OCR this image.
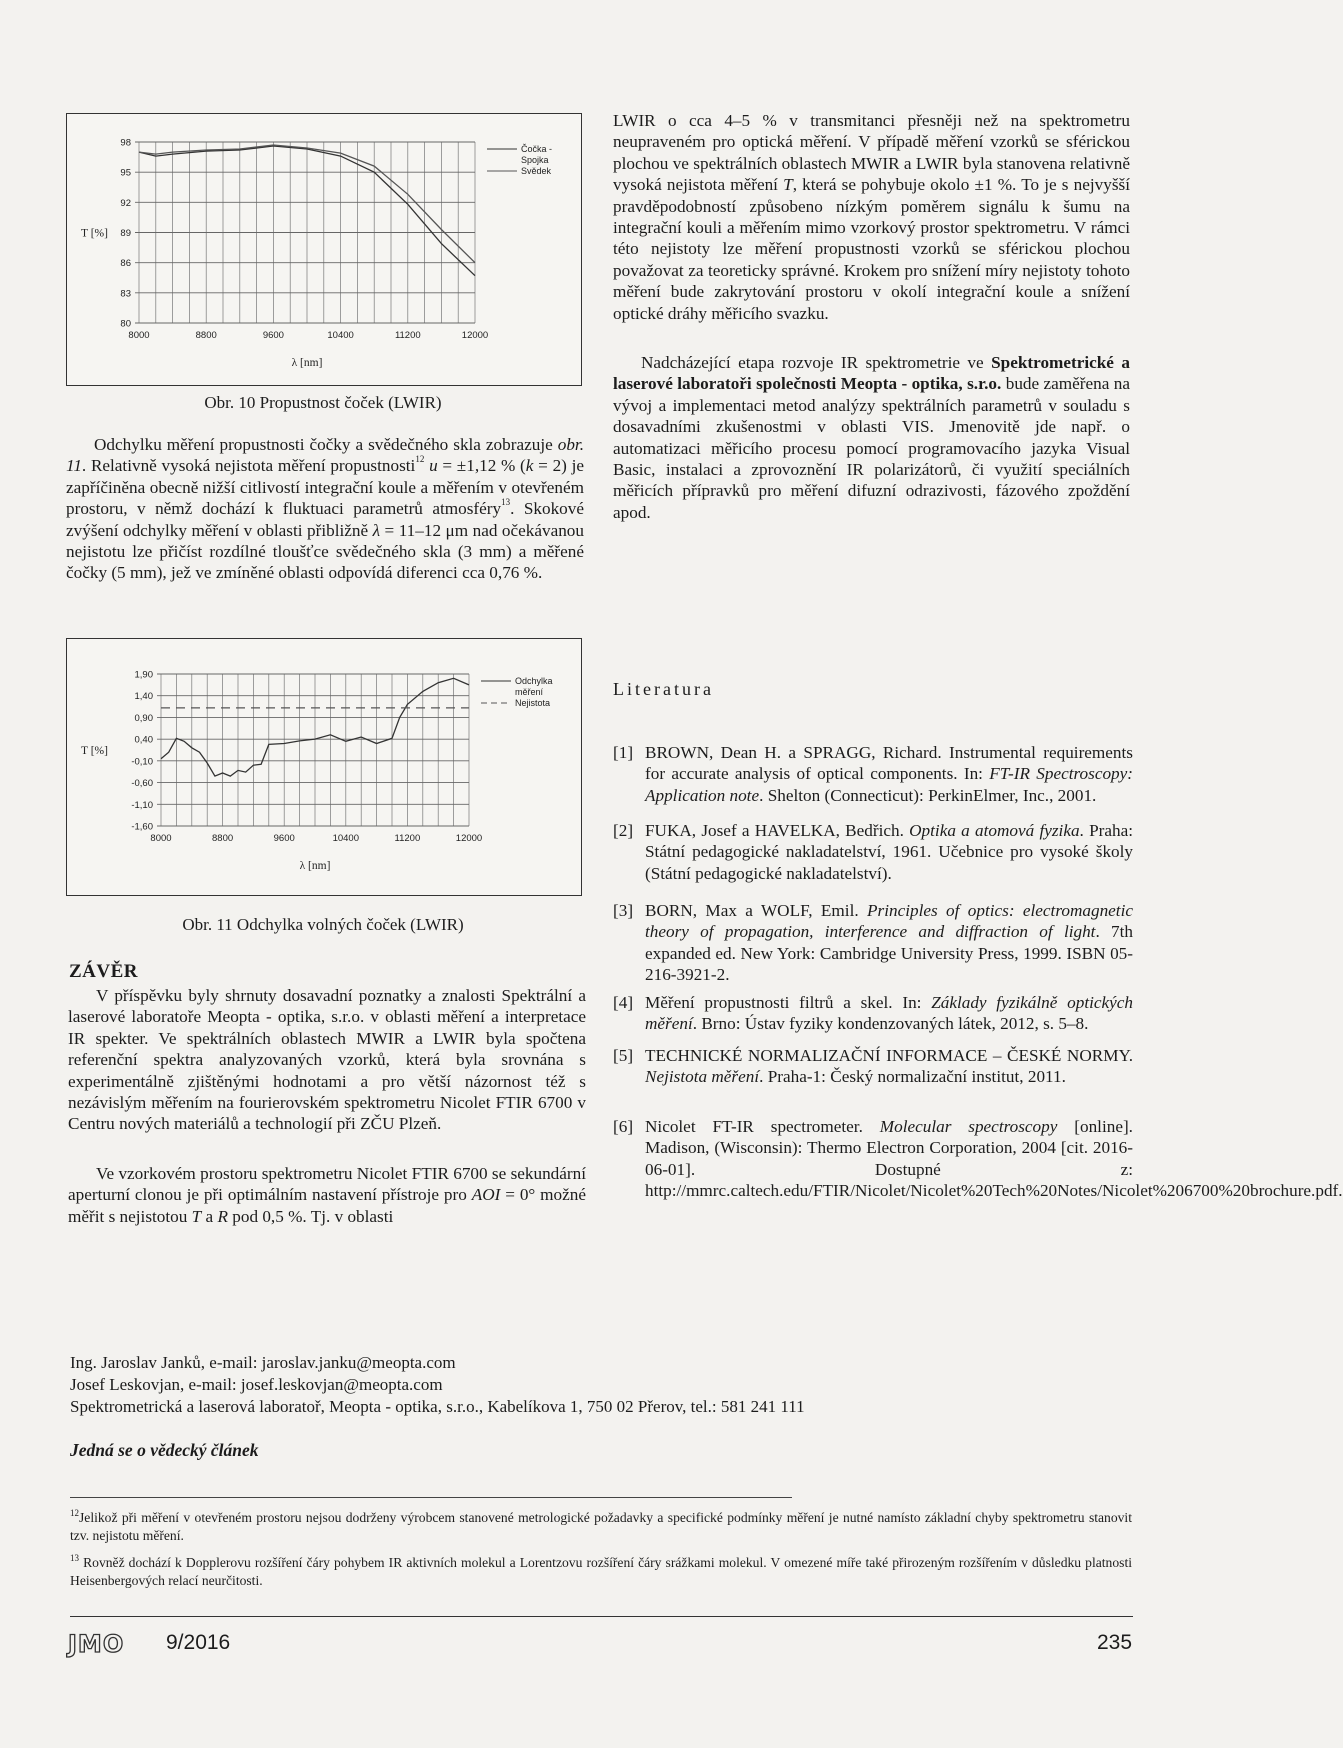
98
95
92
89
86
83
80
8000	8800	9600	10400	11200	12000
λ [nm]
T [%]
Čočka -Spojka
Svědek
Obr. 10 Propustnost čoček (LWIR)
Odchylku měření propustnosti čočky a svědečného skla zobrazuje obr. 11. Relativně vysoká nejistota měření propustnosti$^{12}$ u = ±1,12 % (k = 2) je zapříčiněna obecně nižší citlivostí integrační koule a měřením v otevřeném prostoru, v němž dochází k fluktuaci parametrů atmosféry$^{13}$. Skokové zvýšení odchylky měření v oblasti přibližně λ = 11–12 μm nad očekávanou nejistotu lze přičíst rozdílné tloušťce svědečného skla (3 mm) a měřené čočky (5 mm), jež ve zmíněné oblasti odpovídá diferenci cca 0,76 %.
1,90
1,40
0,90
0,40
-0,10
-0,60
-1,10
-1,60
8000	8800	9600	10400	11200	12000
λ [nm]
T [%]
Odchylka měření
Nejistota
Obr. 11 Odchylka volných čoček (LWIR)
ZÁVĚR
V příspěvku byly shrnuty dosavadní poznatky a znalosti Spektrální a laserové laboratoře Meopta - optika, s.r.o. v oblasti měření a interpretace IR spekter. Ve spektrálních oblastech MWIR a LWIR byla spočtena referenční spektra analyzovaných vzorků, která byla srovnána s experimentálně zjištěnými hodnotami a pro větší názornost též s nezávislým měřením na fourierovském spektrometru Nicolet FTIR 6700 v Centru nových materiálů a technologií při ZČU Plzeň.
Ve vzorkovém prostoru spektrometru Nicolet FTIR 6700 se sekundární aperturní clonou je při optimálním nastavení přístroje pro AOI = 0° možné měřit s nejistotou T a R pod 0,5 %. Tj. v oblasti
LWIR o cca 4–5 % v transmitanci přesněji než na spektrometru neupraveném pro optická měření. V případě měření vzorků se sférickou plochou ve spektrálních oblastech MWIR a LWIR byla stanovena relativně vysoká nejistota měření T, která se pohybuje okolo ±1 %. To je s nejvyšší pravděpodobností způsobeno nízkým poměrem signálu k šumu na integrační kouli a měřením mimo vzorkový prostor spektrometru. V rámci této nejistoty lze měření propustnosti vzorků se sférickou plochou považovat za teoreticky správné. Krokem pro snížení míry nejistoty tohoto měření bude zakrytování prostoru v okolí integrační koule a snížení optické dráhy měřicího svazku.
Nadcházející etapa rozvoje IR spektrometrie ve Spektrometrické a laserové laboratoři společnosti Meopta - optika, s.r.o. bude zaměřena na vývoj a implementaci metod analýzy spektrálních parametrů v souladu s dosavadními zkušenostmi v oblasti VIS. Jmenovitě jde např. o automatizaci měřicího procesu pomocí programovacího jazyka Visual Basic, instalaci a zprovoznění IR polarizátorů, či využití speciálních měřicích přípravků pro měření difuzní odrazivosti, fázového zpoždění apod.
Literatura
[1] BROWN, Dean H. a SPRAGG, Richard. Instrumental requirements for accurate analysis of optical components. In: FT-IR Spectroscopy: Application note. Shelton (Connecticut): PerkinElmer, Inc., 2001.
[2] FUKA, Josef a HAVELKA, Bedřich. Optika a atomová fyzika. Praha: Státní pedagogické nakladatelství, 1961. Učebnice pro vysoké školy (Státní pedagogické nakladatelství).
[3] BORN, Max a WOLF, Emil. Principles of optics: electromagnetic theory of propagation, interference and diffraction of light. 7th expanded ed. New York: Cambridge University Press, 1999. ISBN 05-216-3921-2.
[4] Měření propustnosti filtrů a skel. In: Základy fyzikálně optických měření. Brno: Ústav fyziky kondenzovaných látek, 2012, s. 5–8.
[5] TECHNICKÉ NORMALIZAČNÍ INFORMACE – ČESKÉ NORMY. Nejistota měření. Praha-1: Český normalizační institut, 2011.
[6] Nicolet FT-IR spectrometer. Molecular spectroscopy [online]. Madison, (Wisconsin): Thermo Electron Corporation, 2004 [cit. 2016-06-01]. Dostupné z: http://mmrc.caltech.edu/FTIR/Nicolet/Nicolet%20Tech%20Notes/Nicolet%206700%20brochure.pdf.
Ing. Jaroslav Janků, e-mail: jaroslav.janku@meopta.com
Josef Leskovjan, e-mail: josef.leskovjan@meopta.com
Spektrometrická a laserová laboratoř, Meopta - optika, s.r.o., Kabelíkova 1, 750 02 Přerov, tel.: 581 241 111
Jedná se o vědecký článek
$^{12}$Jelikož při měření v otevřeném prostoru nejsou dodrženy výrobcem stanovené metrologické požadavky a specifické podmínky měření je nutné namísto základní chyby spektrometru stanovit tzv. nejistotu měření.
$^{13}$ Rovněž dochází k Dopplerovu rozšíření čáry pohybem IR aktivních molekul a Lorentzovu rozšíření čáry srážkami molekul. V omezené míře také přirozeným rozšířením v důsledku platnosti Heisenbergových relací neurčitosti.
JMO 9/2016	235
